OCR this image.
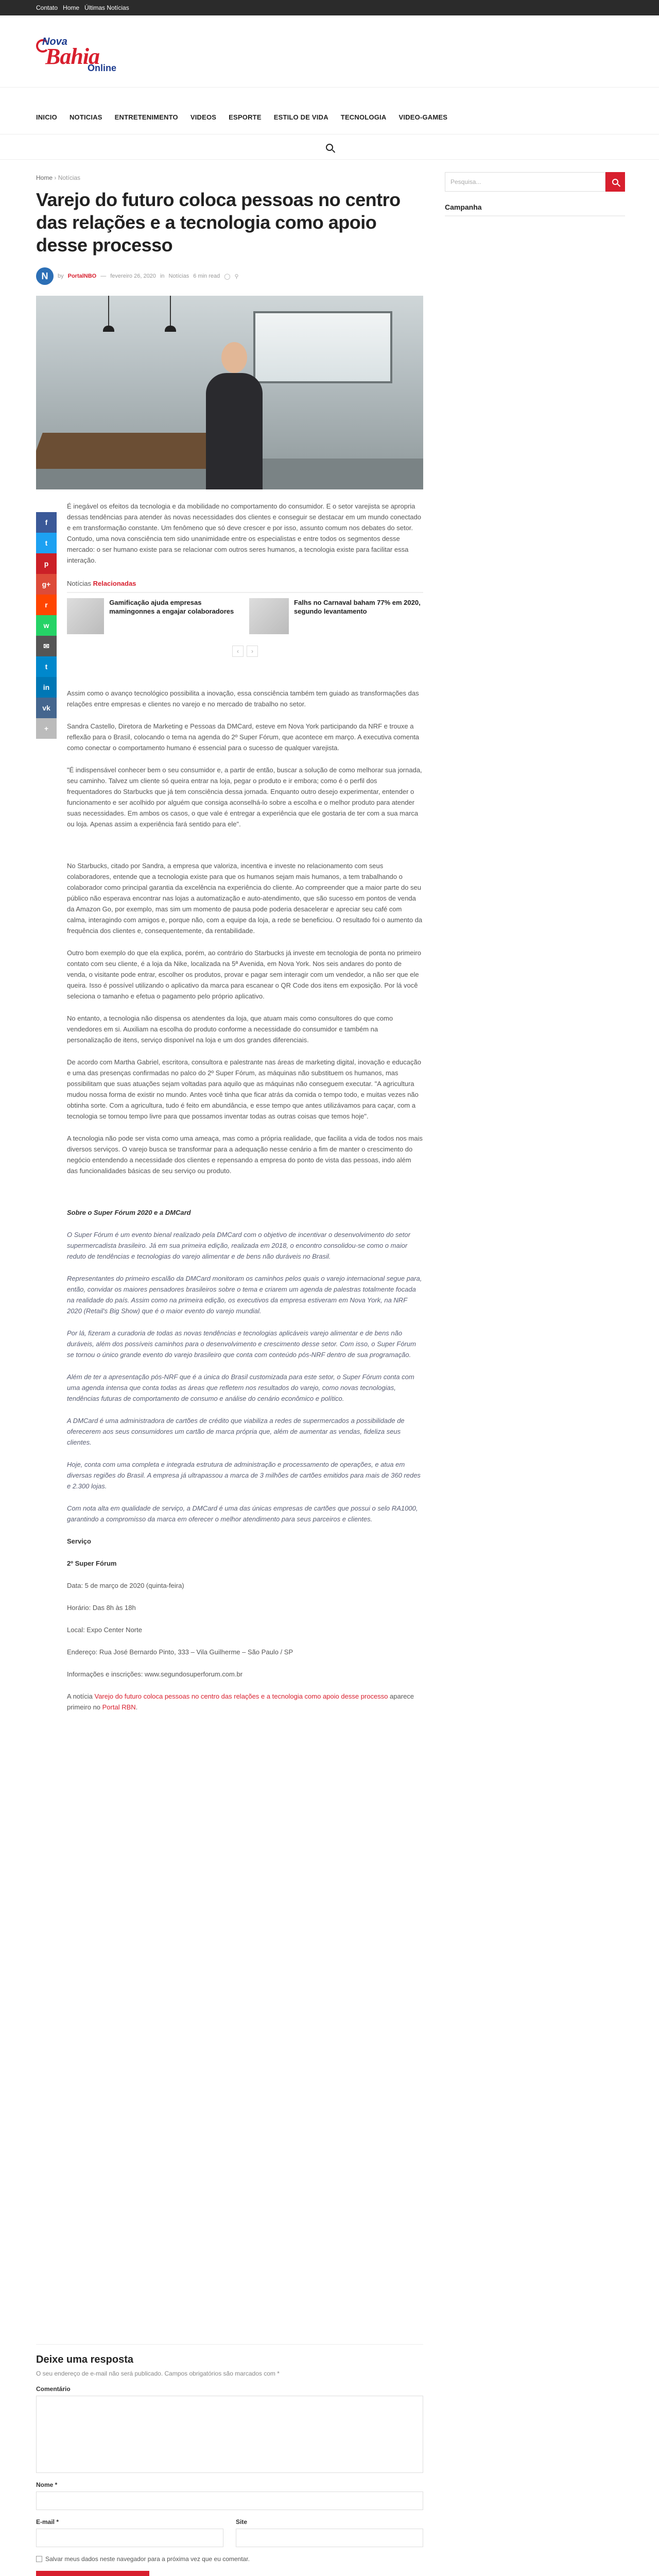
Contato Home Últimas Notícias
Nova
Bahia
Online
INICIO NOTICIAS ENTRETENIMENTO VIDEOS ESPORTE ESTILO DE VIDA TECNOLOGIA VIDEO-GAMES
Home › Notícias
Varejo do futuro coloca pessoas no centro das relações e a tecnologia como apoio desse processo
N	by PortalNBO — fevereiro 26, 2020 in Notícias 6 min read ◯ ⚲
f
t
p
g+
r
w
✉
t
in
vk
+

É inegável os efeitos da tecnologia e da mobilidade no comportamento do consumidor. E o setor varejista se apropria dessas tendências para atender às novas necessidades dos clientes e conseguir se destacar em um mundo conectado e em transformação constante. Um fenômeno que só deve crescer e por isso, assunto comum nos debates do setor. Contudo, uma nova consciência tem sido unanimidade entre os especialistas e entre todos os segmentos desse mercado: o ser humano existe para se relacionar com outros seres humanos, a tecnologia existe para facilitar essa interação.

Notícias Relacionadas
Gamificação ajuda empresas mamingonnes a engajar colaboradores
Falhs no Carnaval baham 77% em 2020, segundo levantamento
‹	›

Assim como o avanço tecnológico possibilita a inovação, essa consciência também tem guiado as transformações das relações entre empresas e clientes no varejo e no mercado de trabalho no setor.

Sandra Castello, Diretora de Marketing e Pessoas da DMCard, esteve em Nova York participando da NRF e trouxe a reflexão para o Brasil, colocando o tema na agenda do 2º Super Fórum, que acontece em março. A executiva comenta como conectar o comportamento humano é essencial para o sucesso de qualquer varejista.

"É indispensável conhecer bem o seu consumidor e, a partir de então, buscar a solução de como melhorar sua jornada, seu caminho. Talvez um cliente só queira entrar na loja, pegar o produto e ir embora; como é o perfil dos frequentadores do Starbucks que já tem consciência dessa jornada. Enquanto outro desejo experimentar, entender o funcionamento e ser acolhido por alguém que consiga aconselhá-lo sobre a escolha e o melhor produto para atender suas necessidades. Em ambos os casos, o que vale é entregar a experiência que ele gostaria de ter com a sua marca ou loja. Apenas assim a experiência fará sentido para ele".

No Starbucks, citado por Sandra, a empresa que valoriza, incentiva e investe no relacionamento com seus colaboradores, entende que a tecnologia existe para que os humanos sejam mais humanos, a tem trabalhando o colaborador como principal garantia da excelência na experiência do cliente. Ao compreender que a maior parte do seu público não esperava encontrar nas lojas a automatização e auto-atendimento, que são sucesso em pontos de venda da Amazon Go, por exemplo, mas sim um momento de pausa pode poderia desacelerar e apreciar seu café com calma, interagindo com amigos e, porque não, com a equipe da loja, a rede se beneficiou. O resultado foi o aumento da frequência dos clientes e, consequentemente, da rentabilidade.

Outro bom exemplo do que ela explica, porém, ao contrário do Starbucks já investe em tecnologia de ponta no primeiro contato com seu cliente, é a loja da Nike, localizada na 5ª Avenida, em Nova York. Nos seis andares do ponto de venda, o visitante pode entrar, escolher os produtos, provar e pagar sem interagir com um vendedor, a não ser que ele queira. Isso é possível utilizando o aplicativo da marca para escanear o QR Code dos itens em exposição. Por lá você seleciona o tamanho e efetua o pagamento pelo próprio aplicativo.

No entanto, a tecnologia não dispensa os atendentes da loja, que atuam mais como consultores do que como vendedores em si. Auxiliam na escolha do produto conforme a necessidade do consumidor e também na personalização de itens, serviço disponível na loja e um dos grandes diferenciais.

De acordo com Martha Gabriel, escritora, consultora e palestrante nas áreas de marketing digital, inovação e educação e uma das presenças confirmadas no palco do 2º Super Fórum, as máquinas não substituem os humanos, mas possibilitam que suas atuações sejam voltadas para aquilo que as máquinas não conseguem executar. "A agricultura mudou nossa forma de existir no mundo. Antes você tinha que ficar atrás da comida o tempo todo, e muitas vezes não obtinha sorte. Com a agricultura, tudo é feito em abundância, e esse tempo que antes utilizávamos para caçar, com a tecnologia se tornou tempo livre para que possamos inventar todas as outras coisas que temos hoje".

A tecnologia não pode ser vista como uma ameaça, mas como a própria realidade, que facilita a vida de todos nos mais diversos serviços. O varejo busca se transformar para a adequação nesse cenário a fim de manter o crescimento do negócio entendendo a necessidade dos clientes e repensando a empresa do ponto de vista das pessoas, indo além das funcionalidades básicas de seu serviço ou produto.

Sobre o Super Fórum 2020 e a DMCard

O Super Fórum é um evento bienal realizado pela DMCard com o objetivo de incentivar o desenvolvimento do setor supermercadista brasileiro. Já em sua primeira edição, realizada em 2018, o encontro consolidou-se como o maior reduto de tendências e tecnologias do varejo alimentar e de bens não duráveis no Brasil.

Representantes do primeiro escalão da DMCard monitoram os caminhos pelos quais o varejo internacional segue para, então, convidar os maiores pensadores brasileiros sobre o tema e criarem um agenda de palestras totalmente focada na realidade do país. Assim como na primeira edição, os executivos da empresa estiveram em Nova York, na NRF 2020 (Retail's Big Show) que é o maior evento do varejo mundial.

Por lá, fizeram a curadoria de todas as novas tendências e tecnologias aplicáveis varejo alimentar e de bens não duráveis, além dos possíveis caminhos para o desenvolvimento e crescimento desse setor. Com isso, o Super Fórum se tornou o único grande evento do varejo brasileiro que conta com conteúdo pós-NRF dentro de sua programação.

Além de ter a apresentação pós-NRF que é a única do Brasil customizada para este setor, o Super Fórum conta com uma agenda intensa que conta todas as áreas que refletem nos resultados do varejo, como novas tecnologias, tendências futuras de comportamento de consumo e análise do cenário econômico e político.

A DMCard é uma administradora de cartões de crédito que viabiliza a redes de supermercados a possibilidade de oferecerem aos seus consumidores um cartão de marca própria que, além de aumentar as vendas, fideliza seus clientes.

Hoje, conta com uma completa e integrada estrutura de administração e processamento de operações, e atua em diversas regiões do Brasil. A empresa já ultrapassou a marca de 3 milhões de cartões emitidos para mais de 360 redes e 2.300 lojas.

Com nota alta em qualidade de serviço, a DMCard é uma das únicas empresas de cartões que possui o selo RA1000, garantindo a compromisso da marca em oferecer o melhor atendimento para seus parceiros e clientes.

Serviço
2º Super Fórum

Data: 5 de março de 2020 (quinta-feira)

Horário: Das 8h às 18h

Local: Expo Center Norte

Endereço: Rua José Bernardo Pinto, 333 – Vila Guilherme – São Paulo / SP

Informações e inscrições: www.segundosuperforum.com.br

A notícia Varejo do futuro coloca pessoas no centro das relações e a tecnologia como apoio desse processo aparece primeiro no Portal RBN.

Pesquisa...
Campanha
Deixe uma resposta
O seu endereço de e-mail não será publicado. Campos obrigatórios são marcados com *
Comentário
Nome *
E-mail *	Site
Salvar meus dados neste navegador para a próxima vez que eu comentar.
